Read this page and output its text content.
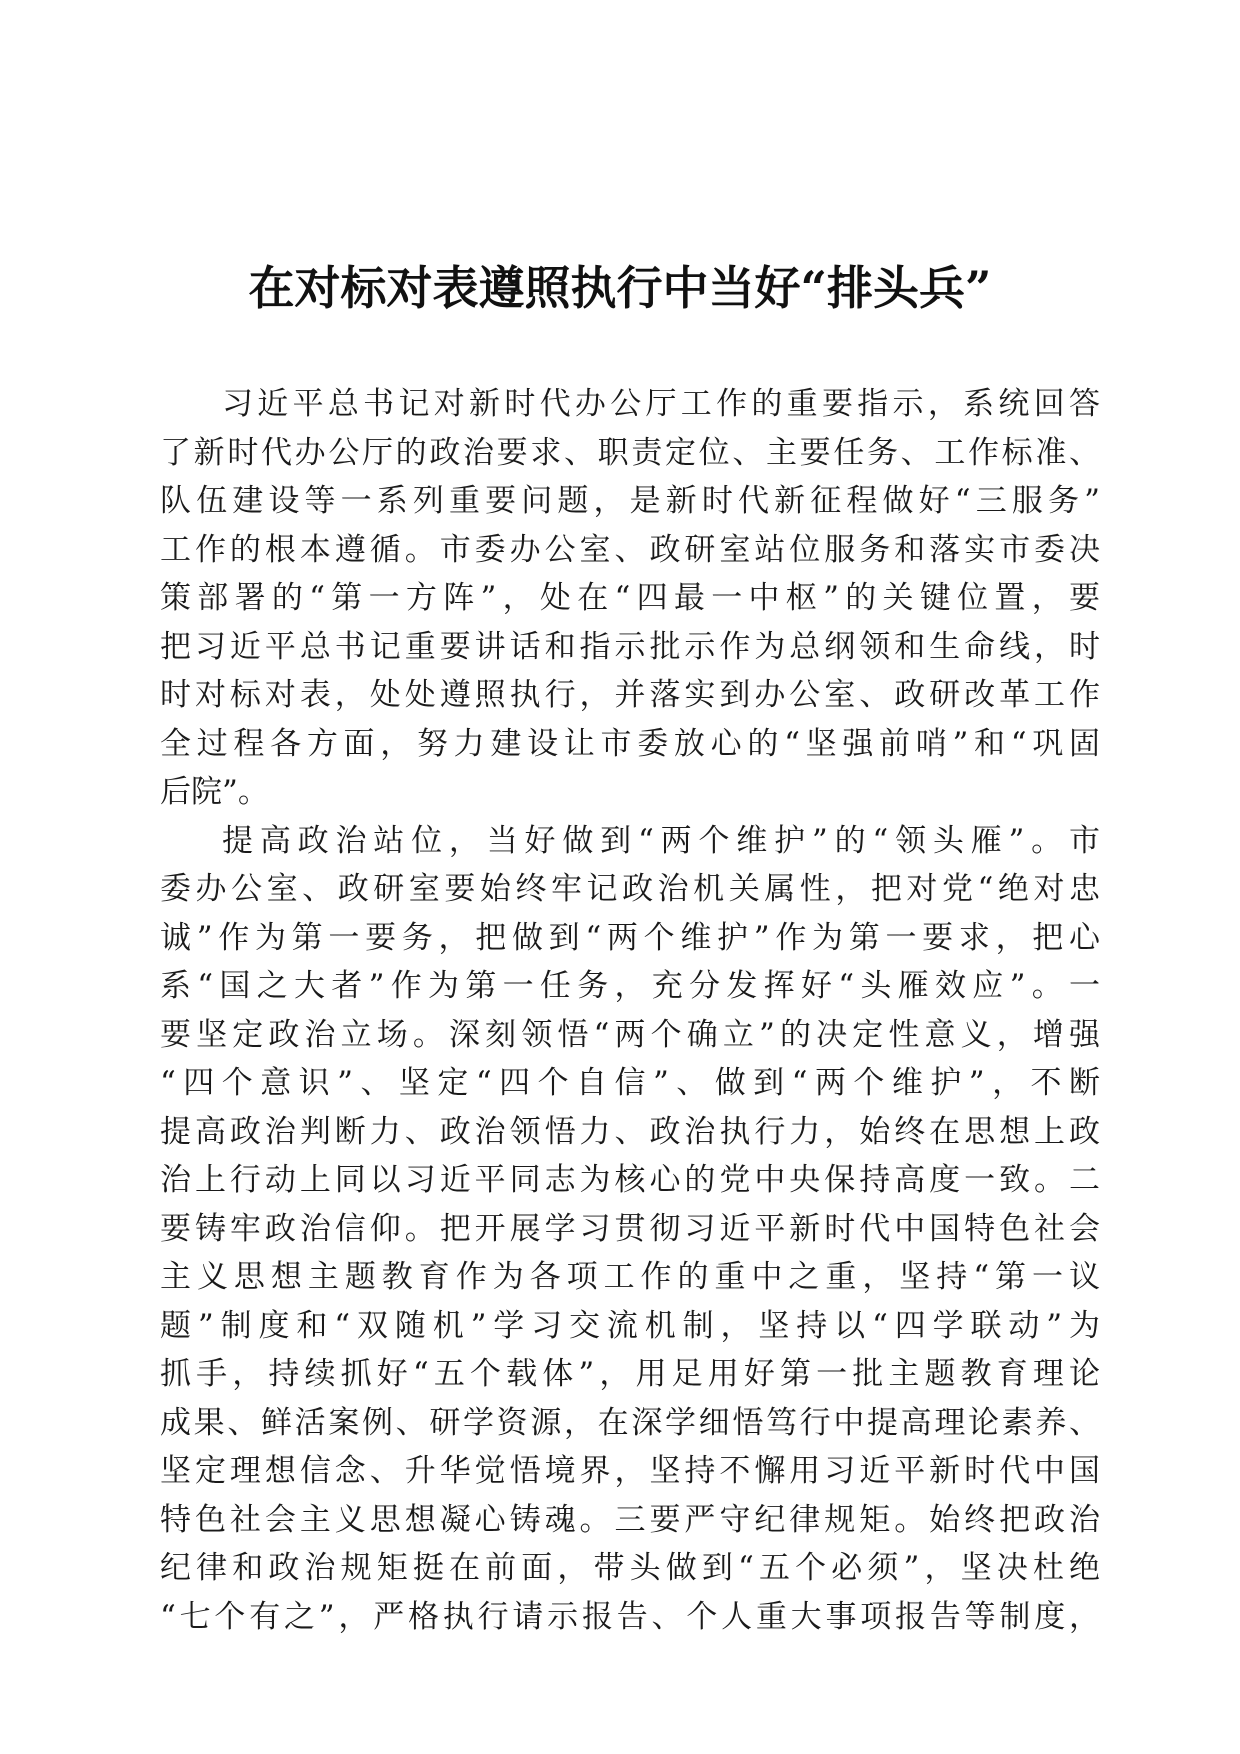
在对标对表遵照执行中当好“排头兵”
习近平总书记对新时代办公厅工作的重要指示，系统回答
了新时代办公厅的政治要求、职责定位、主要任务、工作标准、
队伍建设等一系列重要问题，是新时代新征程做好“三服务”
工作的根本遵循。市委办公室、政研室站位服务和落实市委决
策部署的“第一方阵”，处在“四最一中枢”的关键位置，要
把习近平总书记重要讲话和指示批示作为总纲领和生命线，时
时对标对表，处处遵照执行，并落实到办公室、政研改革工作
全过程各方面，努力建设让市委放心的“坚强前哨”和“巩固
后院”。
提高政治站位，当好做到“两个维护”的“领头雁”。市
委办公室、政研室要始终牢记政治机关属性，把对党“绝对忠
诚”作为第一要务，把做到“两个维护”作为第一要求，把心
系“国之大者”作为第一任务，充分发挥好“头雁效应”。一
要坚定政治立场。深刻领悟“两个确立”的决定性意义，增强
“四个意识”、坚定“四个自信”、做到“两个维护”，不断
提高政治判断力、政治领悟力、政治执行力，始终在思想上政
治上行动上同以习近平同志为核心的党中央保持高度一致。二
要铸牢政治信仰。把开展学习贯彻习近平新时代中国特色社会
主义思想主题教育作为各项工作的重中之重，坚持“第一议
题”制度和“双随机”学习交流机制，坚持以“四学联动”为
抓手，持续抓好“五个载体”，用足用好第一批主题教育理论
成果、鲜活案例、研学资源，在深学细悟笃行中提高理论素养、
坚定理想信念、升华觉悟境界，坚持不懈用习近平新时代中国
特色社会主义思想凝心铸魂。三要严守纪律规矩。始终把政治
纪律和政治规矩挺在前面，带头做到“五个必须”，坚决杜绝
“七个有之”，严格执行请示报告、个人重大事项报告等制度，
